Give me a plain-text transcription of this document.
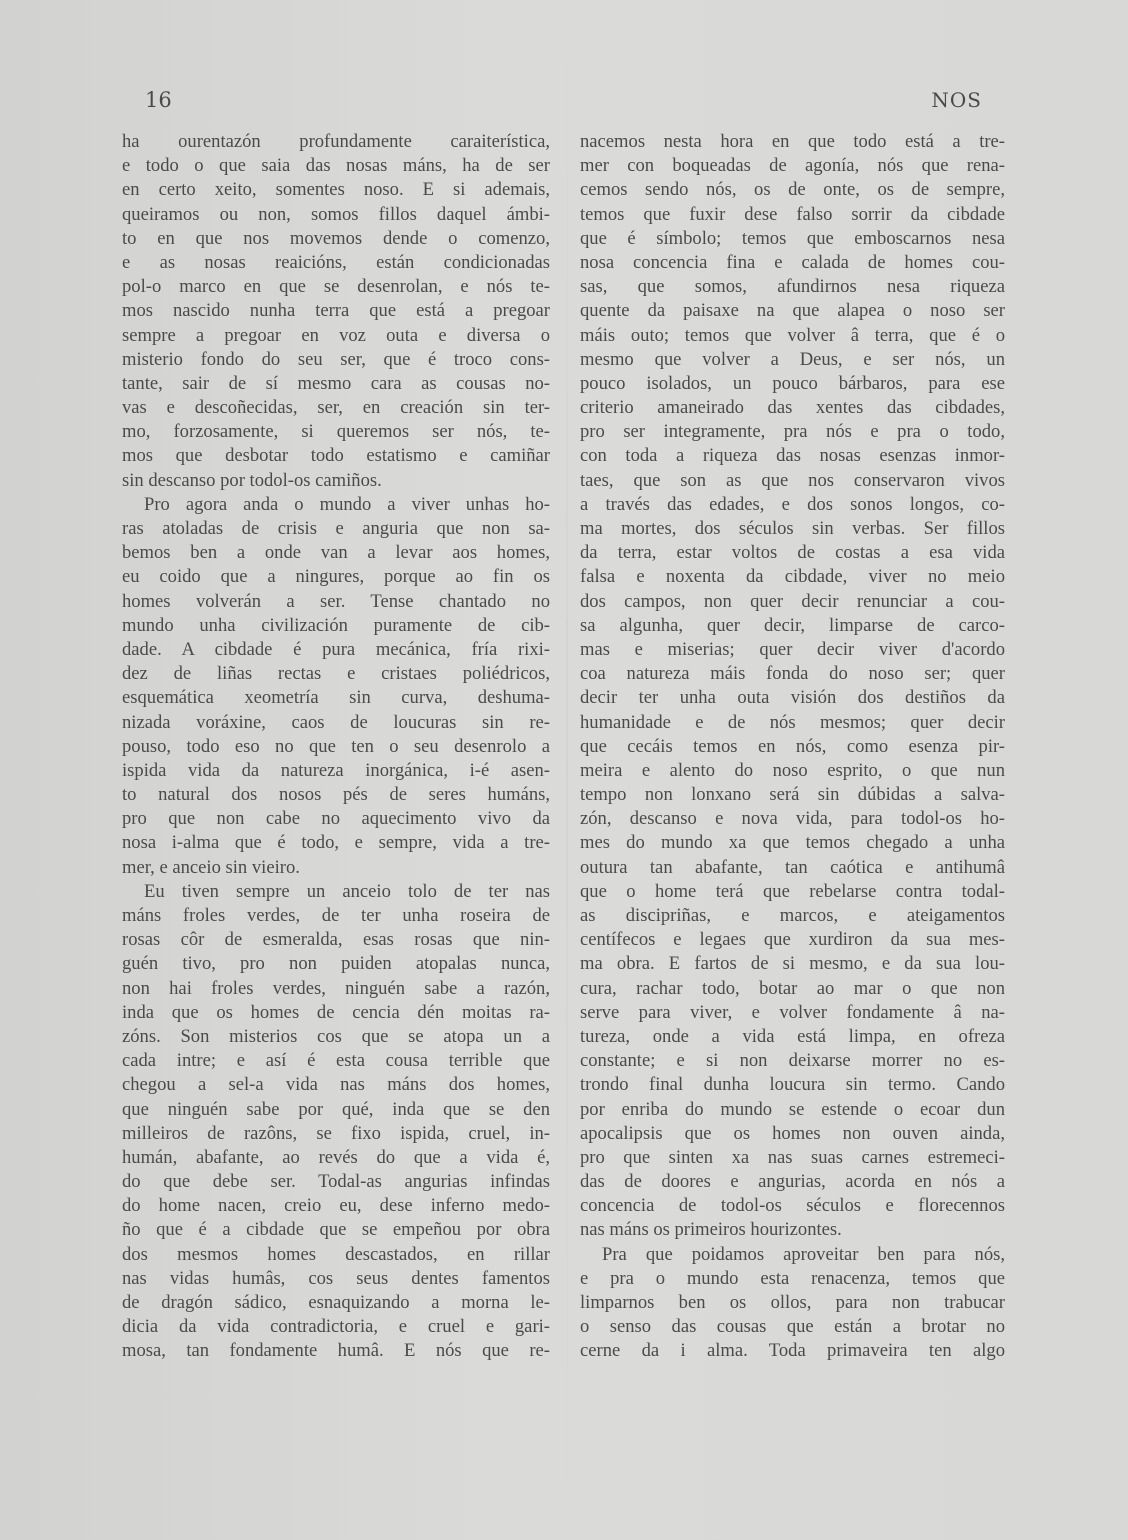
16	NOS
ha ourentazón profundamente caraiterística,
e todo o que saia das nosas máns, ha de ser
en certo xeito, somentes noso. E si ademais,
queiramos ou non, somos fillos daquel ámbi-
to en que nos movemos dende o comenzo,
e as nosas reaicións, están condicionadas
pol-o marco en que se desenrolan, e nós te-
mos nascido nunha terra que está a pregoar
sempre a pregoar en voz outa e diversa o
misterio fondo do seu ser, que é troco cons-
tante, sair de sí mesmo cara as cousas no-
vas e descoñecidas, ser, en creación sin ter-
mo, forzosamente, si queremos ser nós, te-
mos que desbotar todo estatismo e camiñar
sin descanso por todol-os camiños.
Pro agora anda o mundo a viver unhas ho-
ras atoladas de crisis e anguria que non sa-
bemos ben a onde van a levar aos homes,
eu coido que a ningures, porque ao fin os
homes volverán a ser. Tense chantado no
mundo unha civilización puramente de cib-
dade. A cibdade é pura mecánica, fría rixi-
dez de liñas rectas e cristaes poliédricos,
esquemática xeometría sin curva, deshuma-
nizada voráxine, caos de loucuras sin re-
pouso, todo eso no que ten o seu desenrolo a
ispida vida da natureza inorgánica, i-é asen-
to natural dos nosos pés de seres humáns,
pro que non cabe no aquecimento vivo da
nosa i-alma que é todo, e sempre, vida a tre-
mer, e anceio sin vieiro.
Eu tiven sempre un anceio tolo de ter nas
máns froles verdes, de ter unha roseira de
rosas côr de esmeralda, esas rosas que nin-
guén tivo, pro non puiden atopalas nunca,
non hai froles verdes, ninguén sabe a razón,
inda que os homes de cencia dén moitas ra-
zóns. Son misterios cos que se atopa un a
cada intre; e así é esta cousa terrible que
chegou a sel-a vida nas máns dos homes,
que ninguén sabe por qué, inda que se den
milleiros de razôns, se fixo ispida, cruel, in-
humán, abafante, ao revés do que a vida é,
do que debe ser. Todal-as angurias infindas
do home nacen, creio eu, dese inferno medo-
ño que é a cibdade que se empeñou por obra
dos mesmos homes descastados, en rillar
nas vidas humâs, cos seus dentes famentos
de dragón sádico, esnaquizando a morna le-
dicia da vida contradictoria, e cruel e gari-
mosa, tan fondamente humâ. E nós que re-
nacemos nesta hora en que todo está a tre-
mer con boqueadas de agonía, nós que rena-
cemos sendo nós, os de onte, os de sempre,
temos que fuxir dese falso sorrir da cibdade
que é símbolo; temos que emboscarnos nesa
nosa concencia fina e calada de homes cou-
sas, que somos, afundirnos nesa riqueza
quente da paisaxe na que alapea o noso ser
máis outo; temos que volver â terra, que é o
mesmo que volver a Deus, e ser nós, un
pouco isolados, un pouco bárbaros, para ese
criterio amaneirado das xentes das cibdades,
pro ser integramente, pra nós e pra o todo,
con toda a riqueza das nosas esenzas inmor-
taes, que son as que nos conservaron vivos
a través das edades, e dos sonos longos, co-
ma mortes, dos séculos sin verbas. Ser fillos
da terra, estar voltos de costas a esa vida
falsa e noxenta da cibdade, viver no meio
dos campos, non quer decir renunciar a cou-
sa algunha, quer decir, limparse de carco-
mas e miserias; quer decir viver d'acordo
coa natureza máis fonda do noso ser; quer
decir ter unha outa visión dos destiños da
humanidade e de nós mesmos; quer decir
que cecáis temos en nós, como esenza pir-
meira e alento do noso esprito, o que nun
tempo non lonxano será sin dúbidas a salva-
zón, descanso e nova vida, para todol-os ho-
mes do mundo xa que temos chegado a unha
outura tan abafante, tan caótica e antihumâ
que o home terá que rebelarse contra todal-
as discipriñas, e marcos, e ateigamentos
centífecos e legaes que xurdiron da sua mes-
ma obra. E fartos de si mesmo, e da sua lou-
cura, rachar todo, botar ao mar o que non
serve para viver, e volver fondamente â na-
tureza, onde a vida está limpa, en ofreza
constante; e si non deixarse morrer no es-
trondo final dunha loucura sin termo. Cando
por enriba do mundo se estende o ecoar dun
apocalipsis que os homes non ouven ainda,
pro que sinten xa nas suas carnes estremeci-
das de doores e angurias, acorda en nós a
concencia de todol-os séculos e florecennos
nas máns os primeiros hourizontes.
Pra que poidamos aproveitar ben para nós,
e pra o mundo esta renacenza, temos que
limparnos ben os ollos, para non trabucar
o senso das cousas que están a brotar no
cerne da i alma. Toda primaveira ten algo
